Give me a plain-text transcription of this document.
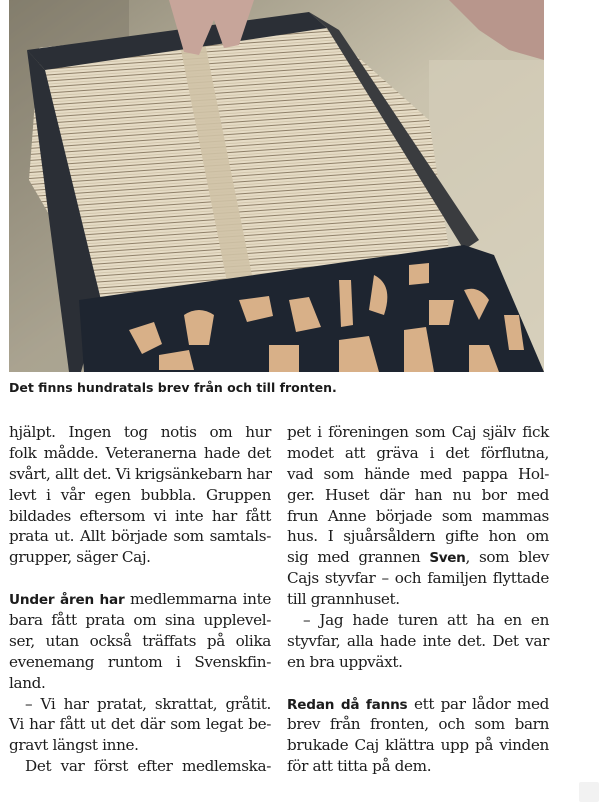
Det finns hundratals brev från och till fronten.
hjälpt. Ingen tog notis om hur
folk mådde. Veteranerna hade det
svårt, allt det. Vi krigsänkebarn har
levt i vår egen bubbla. Gruppen
bildades eftersom vi inte har fått
prata ut. Allt började som samtals-
grupper, säger Caj.
Under åren har medlemmarna inte
bara fått prata om sina upplevel-
ser, utan också träffats på olika
evenemang runtom i Svenskfin-
land.
– Vi har pratat, skrattat, gråtit.
Vi har fått ut det där som legat be-
gravt längst inne.
Det var först efter medlemska-
pet i föreningen som Caj själv fick
modet att gräva i det förflutna,
vad som hände med pappa Hol-
ger. Huset där han nu bor med
frun Anne började som mammas
hus. I sjuårsåldern gifte hon om
sig med grannen Sven, som blev
Cajs styvfar – och familjen flyttade
till grannhuset.
– Jag hade turen att ha en en
styvfar, alla hade inte det. Det var
en bra uppväxt.
Redan då fanns ett par lådor med
brev från fronten, och som barn
brukade Caj klättra upp på vinden
för att titta på dem.
